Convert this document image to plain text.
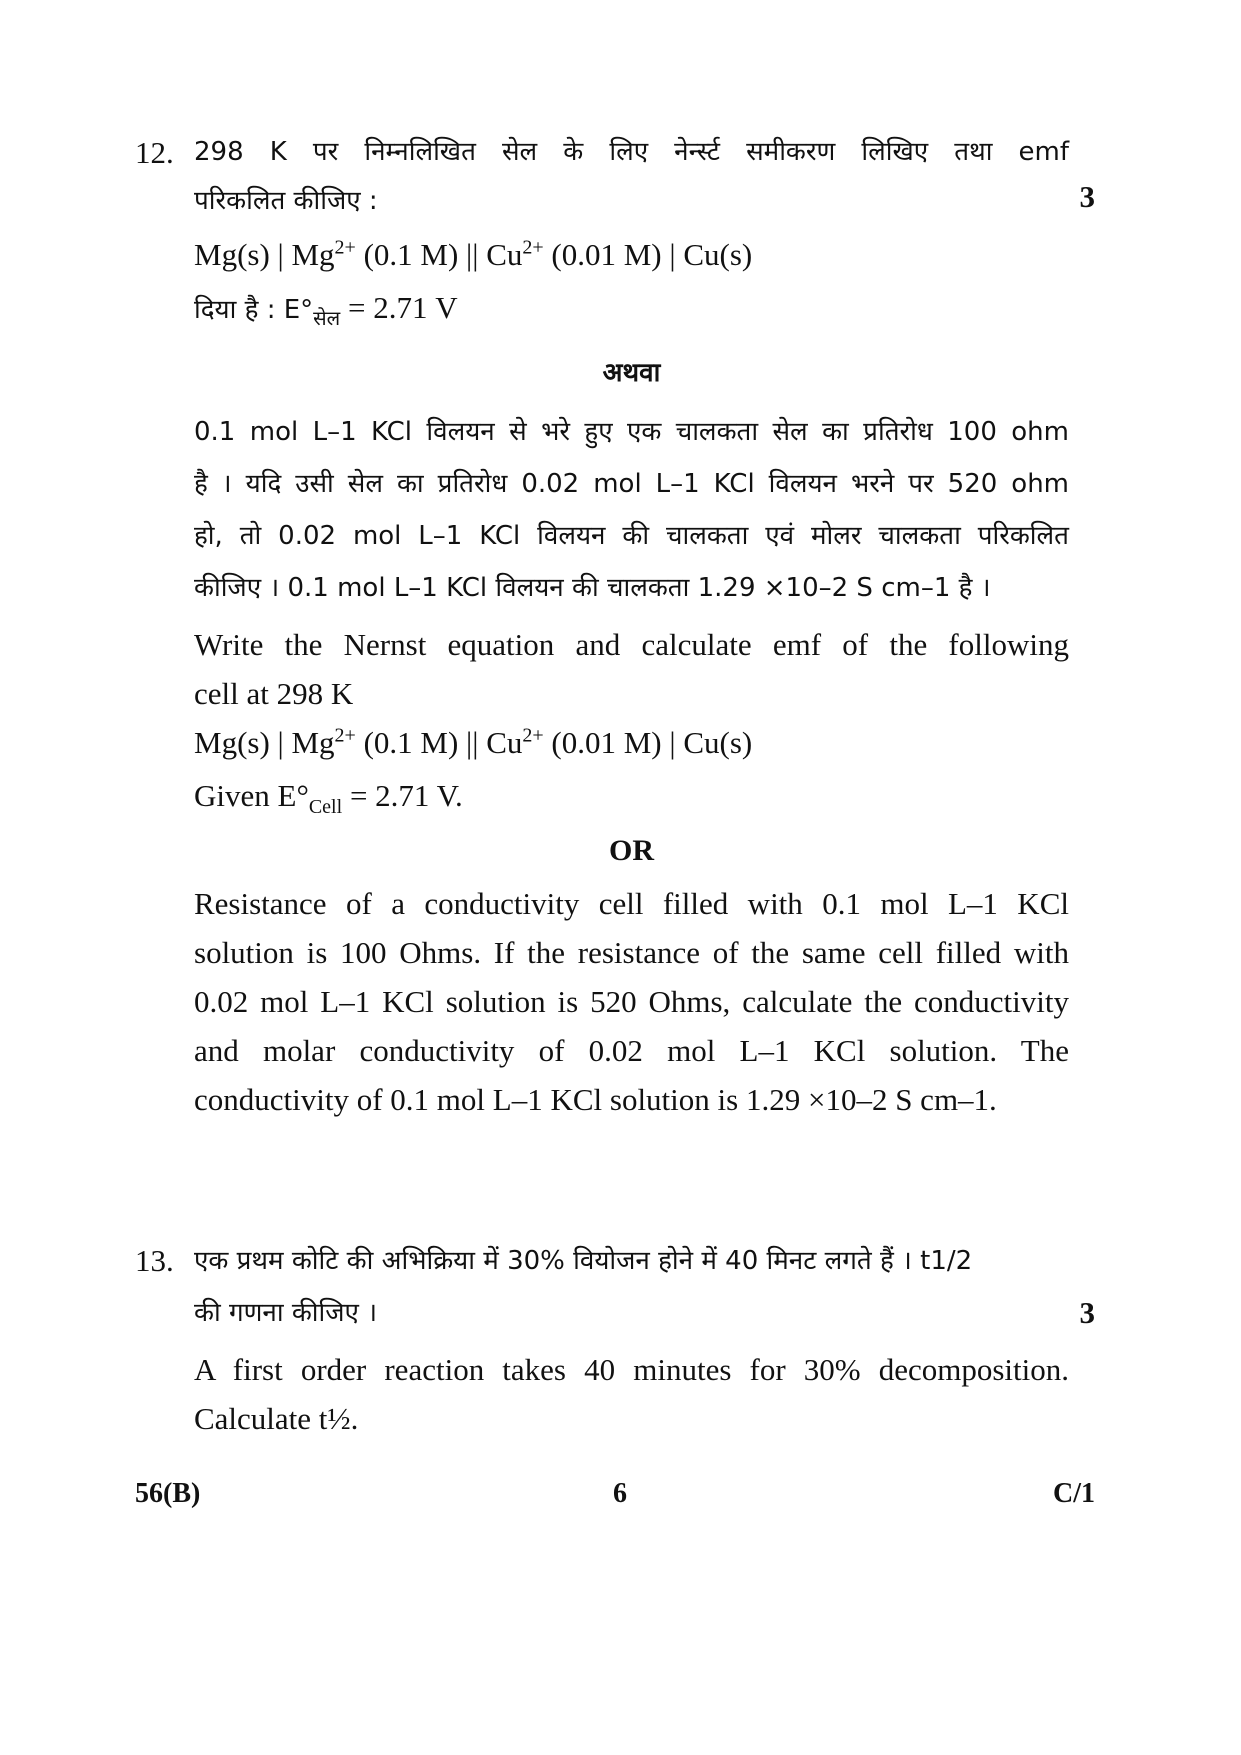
12.
3
298 K पर निम्नलिखित सेल के लिए नेर्न्स्ट समीकरण लिखिए तथा emf
परिकलित कीजिए :
Mg(s) | $Mg^{2+}$ (0.1 M) || $Cu^{2+}$ (0.01 M) | Cu(s)
दिया है : $E^\circ_{सेल} = 2.71$ V
अथवा
0.1 mol L–1 KCl विलयन से भरे हुए एक चालकता सेल का प्रतिरोध 100 ohm
है । यदि उसी सेल का प्रतिरोध 0.02 mol L–1 KCl विलयन भरने पर 520 ohm
हो, तो 0.02 mol L–1 KCl विलयन की चालकता एवं मोलर चालकता परिकलित
कीजिए । 0.1 mol L–1 KCl विलयन की चालकता 1.29 ×10–2 S cm–1 है ।
Write the Nernst equation and calculate emf of the following
cell at 298 K
Mg(s) | $Mg^{2+}$ (0.1 M) || $Cu^{2+}$ (0.01 M) | Cu(s)
Given $E^\circ_{Cell} = 2.71$ V.
OR
Resistance of a conductivity cell filled with 0.1 mol L–1 KCl
solution is 100 Ohms. If the resistance of the same cell filled with
0.02 mol L–1 KCl solution is 520 Ohms, calculate the conductivity
and molar conductivity of 0.02 mol L–1 KCl solution. The
conductivity of 0.1 mol L–1 KCl solution is 1.29 ×10–2 S cm–1.
13.
3
एक प्रथम कोटि की अभिक्रिया में 30% वियोजन होने में 40 मिनट लगते हैं । t1/2
की गणना कीजिए ।
A first order reaction takes 40 minutes for 30% decomposition.
Calculate t½.
56(B)	6	C/1
